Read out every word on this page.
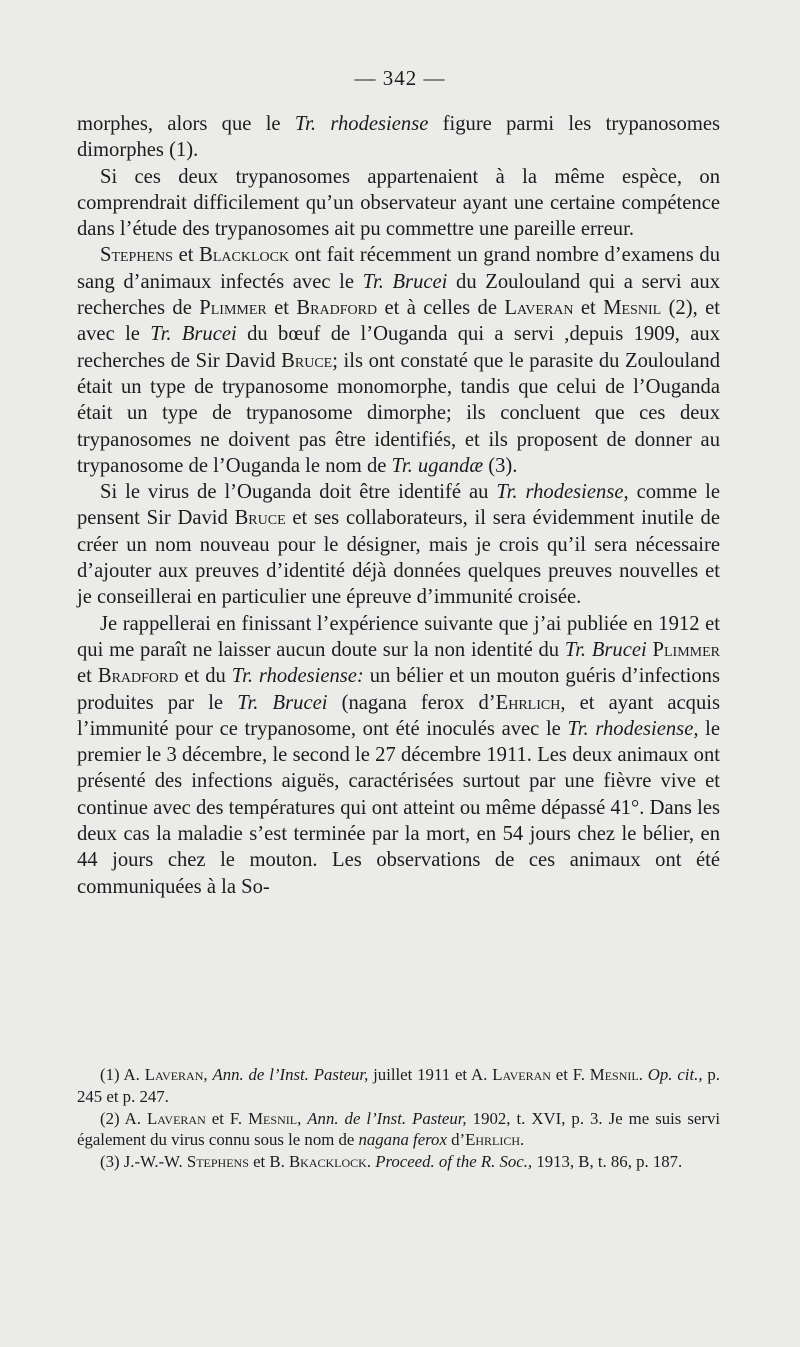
— 342 —

morphes, alors que le Tr. rhodesiense figure parmi les trypanosomes dimorphes (1).

Si ces deux trypanosomes appartenaient à la même espèce, on comprendrait difficilement qu’un observateur ayant une certaine compétence dans l’étude des trypanosomes ait pu commettre une pareille erreur.

Stephens et Blacklock ont fait récemment un grand nombre d’examens du sang d’animaux infectés avec le Tr. Brucei du Zoulouland qui a servi aux recherches de Plimmer et Bradford et à celles de Laveran et Mesnil (2), et avec le Tr. Brucei du bœuf de l’Ouganda qui a servi ,depuis 1909, aux recherches de Sir David Bruce; ils ont constaté que le parasite du Zoulouland était un type de trypanosome monomorphe, tandis que celui de l’Ouganda était un type de trypanosome dimorphe; ils concluent que ces deux trypanosomes ne doivent pas être identifiés, et ils proposent de donner au trypanosome de l’Ouganda le nom de Tr. ugandæ (3).

Si le virus de l’Ouganda doit être identifé au Tr. rhodesiense, comme le pensent Sir David Bruce et ses collaborateurs, il sera évidemment inutile de créer un nom nouveau pour le désigner, mais je crois qu’il sera nécessaire d’ajouter aux preuves d’identité déjà données quelques preuves nouvelles et je conseillerai en particulier une épreuve d’immunité croisée.

Je rappellerai en finissant l’expérience suivante que j’ai publiée en 1912 et qui me paraît ne laisser aucun doute sur la non identité du Tr. Brucei Plimmer et Bradford et du Tr. rhodesiense: un bélier et un mouton guéris d’infections produites par le Tr. Brucei (nagana ferox d’Ehrlich, et ayant acquis l’immunité pour ce trypanosome, ont été inoculés avec le Tr. rhodesiense, le premier le 3 décembre, le second le 27 décembre 1911. Les deux animaux ont présenté des infections aiguës, caractérisées surtout par une fièvre vive et continue avec des températures qui ont atteint ou même dépassé 41°. Dans les deux cas la maladie s’est terminée par la mort, en 54 jours chez le bélier, en 44 jours chez le mouton. Les observations de ces animaux ont été communiquées à la So-

(1) A. Laveran, Ann. de l’Inst. Pasteur, juillet 1911 et A. Laveran et F. Mesnil. Op. cit., p. 245 et p. 247.

(2) A. Laveran et F. Mesnil, Ann. de l’Inst. Pasteur, 1902, t. XVI, p. 3. Je me suis servi également du virus connu sous le nom de nagana ferox d’Ehrlich.

(3) J.-W.-W. Stephens et B. Bkacklock. Proceed. of the R. Soc., 1913, B, t. 86, p. 187.
